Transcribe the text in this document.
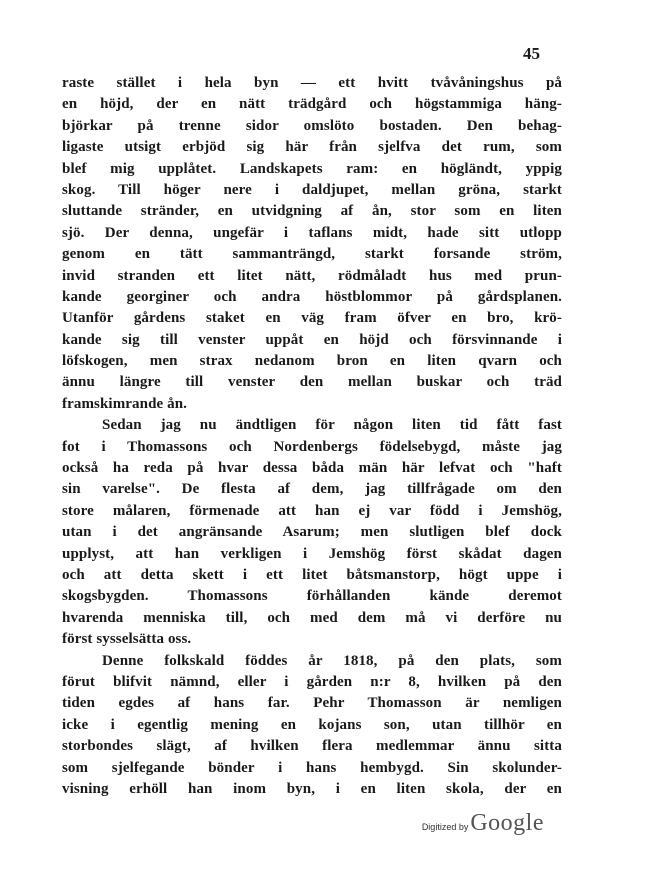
45
raste stället i hela byn — ett hvitt tvåvåningshus på
en höjd, der en nätt trädgård och högstammiga häng-
björkar på trenne sidor omslöto bostaden. Den behag-
ligaste utsigt erbjöd sig här från sjelfva det rum, som
blef mig upplåtet. Landskapets ram: en högländt, yppig
skog. Till höger nere i daldjupet, mellan gröna, starkt
sluttande stränder, en utvidgning af ån, stor som en liten
sjö. Der denna, ungefär i taflans midt, hade sitt utlopp
genom en tätt sammanträngd, starkt forsande ström,
invid stranden ett litet nätt, rödmåladt hus med prun-
kande georginer och andra höstblommor på gårdsplanen.
Utanför gårdens staket en väg fram öfver en bro, krö-
kande sig till venster uppåt en höjd och försvinnande i
löfskogen, men strax nedanom bron en liten qvarn och
ännu längre till venster den mellan buskar och träd
framskimrande ån.
Sedan jag nu ändtligen för någon liten tid fått fast
fot i Thomassons och Nordenbergs födelsebygd, måste jag
också ha reda på hvar dessa båda män här lefvat och "haft
sin varelse". De flesta af dem, jag tillfrågade om den
store målaren, förmenade att han ej var född i Jemshög,
utan i det angränsande Asarum; men slutligen blef dock
upplyst, att han verkligen i Jemshög först skådat dagen
och att detta skett i ett litet båtsmanstorp, högt uppe i
skogsbygden. Thomassons förhållanden kände deremot
hvarenda menniska till, och med dem må vi derföre nu
först sysselsätta oss.
Denne folkskald föddes år 1818, på den plats, som
förut blifvit nämnd, eller i gården n:r 8, hvilken på den
tiden egdes af hans far. Pehr Thomasson är nemligen
icke i egentlig mening en kojans son, utan tillhör en
storbondes slägt, af hvilken flera medlemmar ännu sitta
som sjelfegande bönder i hans hembygd. Sin skolunder-
visning erhöll han inom byn, i en liten skola, der en
Digitized by Google
